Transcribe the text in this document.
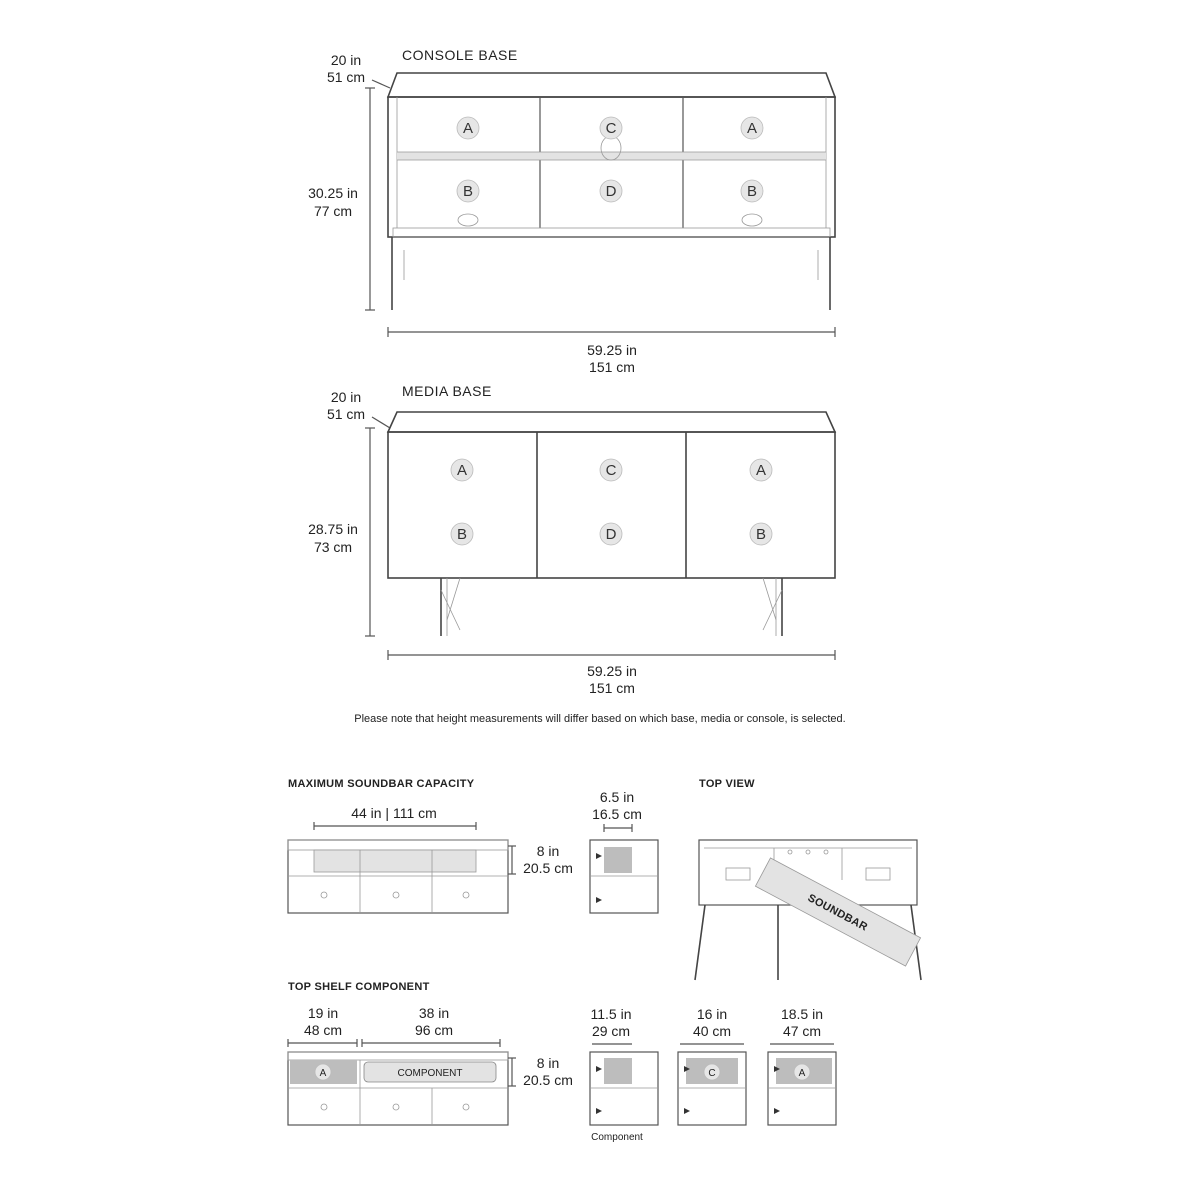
CONSOLE BASE
20 in
51 cm
30.25 in
77 cm
A	C	A
B	D	B
59.25 in
151 cm
MEDIA BASE
20 in
51 cm
28.75 in
73 cm
A	C	A
B	D	B
59.25 in
151 cm
Please note that height measurements will differ based on which base, media or console, is selected.
MAXIMUM SOUNDBAR CAPACITY
44 in | 111 cm
8 in
20.5 cm
6.5 in
16.5 cm
TOP VIEW
SOUNDBAR
TOP SHELF COMPONENT
19 in
48 cm
38 in
96 cm
A	COMPONENT
8 in
20.5 cm
11.5 in
29 cm
Component
16 in
40 cm
C
18.5 in
47 cm
A
